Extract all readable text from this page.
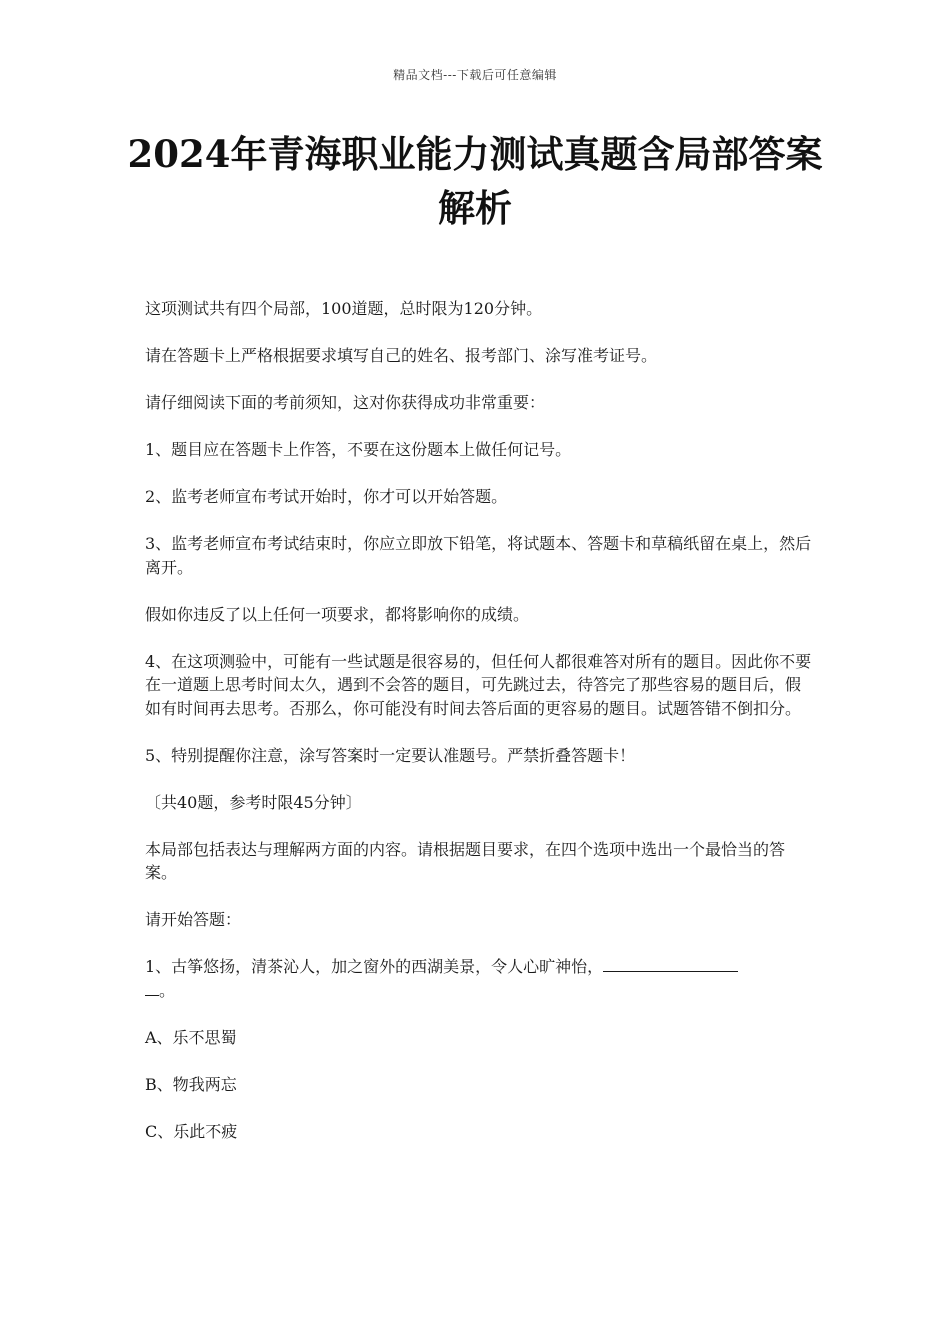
精品文档---下载后可任意编辑
2024年青海职业能力测试真题含局部答案解析

这项测试共有四个局部，100道题，总时限为120分钟。

请在答题卡上严格根据要求填写自己的姓名、报考部门、涂写准考证号。

请仔细阅读下面的考前须知，这对你获得成功非常重要：

1、题目应在答题卡上作答，不要在这份题本上做任何记号。

2、监考老师宣布考试开始时，你才可以开始答题。

3、监考老师宣布考试结束时，你应立即放下铅笔，将试题本、答题卡和草稿纸留在桌上，然后离开。

假如你违反了以上任何一项要求，都将影响你的成绩。

4、在这项测验中，可能有一些试题是很容易的，但任何人都很难答对所有的题目。因此你不要在一道题上思考时间太久，遇到不会答的题目，可先跳过去，待答完了那些容易的题目后，假如有时间再去思考。否那么，你可能没有时间去答后面的更容易的题目。试题答错不倒扣分。

5、特别提醒你注意，涂写答案时一定要认准题号。严禁折叠答题卡！

〔共40题，参考时限45分钟〕

本局部包括表达与理解两方面的内容。请根据题目要求，在四个选项中选出一个最恰当的答案。

请开始答题：

1、古筝悠扬，清茶沁人，加之窗外的西湖美景，令人心旷神怡，
。

A、乐不思蜀

B、物我两忘

C、乐此不疲
